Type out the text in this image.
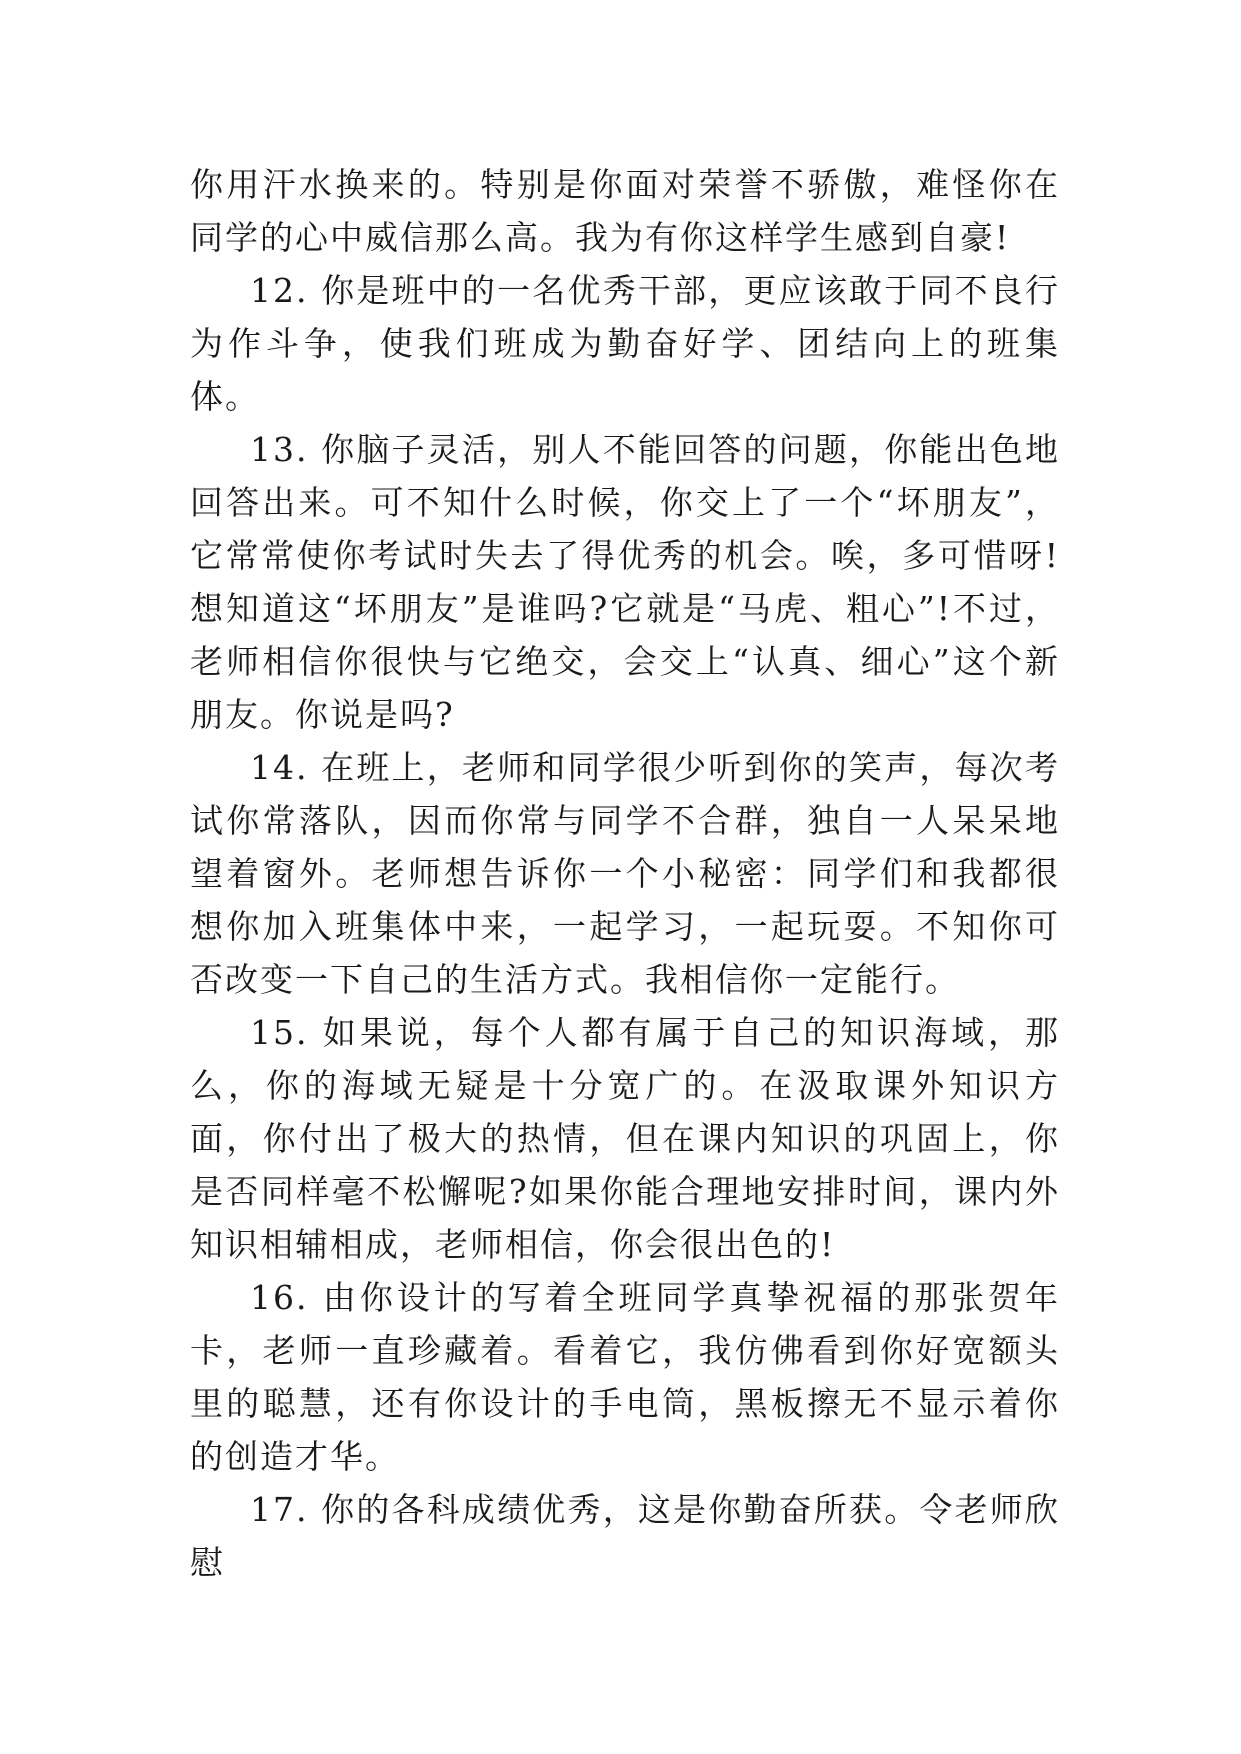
你用汗水换来的。特别是你面对荣誉不骄傲，难怪你在同学的心中威信那么高。我为有你这样学生感到自豪!

12. 你是班中的一名优秀干部，更应该敢于同不良行为作斗争，使我们班成为勤奋好学、团结向上的班集体。

13. 你脑子灵活，别人不能回答的问题，你能出色地回答出来。可不知什么时候，你交上了一个“坏朋友”，它常常使你考试时失去了得优秀的机会。唉，多可惜呀!想知道这“坏朋友”是谁吗?它就是“马虎、粗心”!不过，老师相信你很快与它绝交，会交上“认真、细心”这个新朋友。你说是吗?

14. 在班上，老师和同学很少听到你的笑声，每次考试你常落队，因而你常与同学不合群，独自一人呆呆地望着窗外。老师想告诉你一个小秘密：同学们和我都很想你加入班集体中来，一起学习，一起玩耍。不知你可否改变一下自己的生活方式。我相信你一定能行。

15. 如果说，每个人都有属于自己的知识海域，那么，你的海域无疑是十分宽广的。在汲取课外知识方面，你付出了极大的热情，但在课内知识的巩固上，你是否同样毫不松懈呢?如果你能合理地安排时间，课内外知识相辅相成，老师相信，你会很出色的!

16. 由你设计的写着全班同学真挚祝福的那张贺年卡，老师一直珍藏着。看着它，我仿佛看到你好宽额头里的聪慧，还有你设计的手电筒，黑板擦无不显示着你的创造才华。

17. 你的各科成绩优秀，这是你勤奋所获。令老师欣慰
